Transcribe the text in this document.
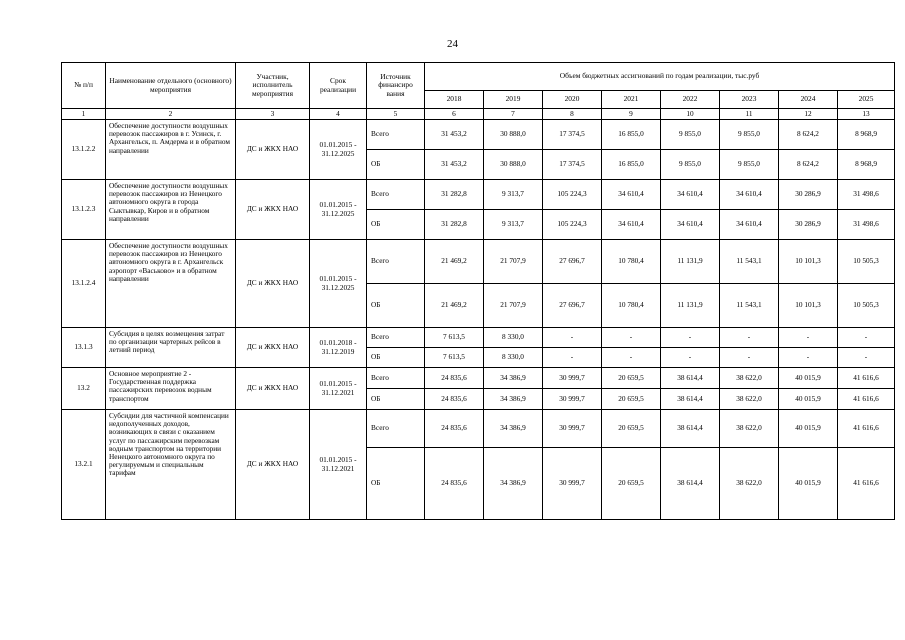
24
№ п/п	Наименование отдельного (основного) мероприятия	Участник, исполнитель мероприятия	Срок реализации	Источник финансиро вания	Объем бюджетных ассигнований по годам реализации, тыс.руб							
					2018	2019	2020	2021	2022	2023	2024	2025
1	2	3	4	5	6	7	8	9	10	11	12	13
13.1.2.2	Обеспечение доступности воздушных перевозок пассажиров в г. Усинск, г. Архангельск, п. Амдерма и в обратном направлении	ДС и ЖКХ НАО	01.01.2015 - 31.12.2025	Всего	31 453,2	30 888,0	17 374,5	16 855,0	9 855,0	9 855,0	8 624,2	8 968,9
				ОБ	31 453,2	30 888,0	17 374,5	16 855,0	9 855,0	9 855,0	8 624,2	8 968,9
13.1.2.3	Обеспечение доступности воздушных перевозок пассажиров из Ненецкого автономного округа в города Сыктывкар, Киров и в обратном направлении	ДС и ЖКХ НАО	01.01.2015 - 31.12.2025	Всего	31 282,8	9 313,7	105 224,3	34 610,4	34 610,4	34 610,4	30 286,9	31 498,6
				ОБ	31 282,8	9 313,7	105 224,3	34 610,4	34 610,4	34 610,4	30 286,9	31 498,6
13.1.2.4	Обеспечение доступности воздушных перевозок пассажиров из Ненецкого автономного округа в г. Архангельск аэропорт «Васьково» и в обратном направлении	ДС и ЖКХ НАО	01.01.2015 - 31.12.2025	Всего	21 469,2	21 707,9	27 696,7	10 780,4	11 131,9	11 543,1	10 101,3	10 505,3
				ОБ	21 469,2	21 707,9	27 696,7	10 780,4	11 131,9	11 543,1	10 101,3	10 505,3
13.1.3	Субсидия в целях возмещения затрат по организации чартерных рейсов в летний период	ДС и ЖКХ НАО	01.01.2018 - 31.12.2019	Всего	7 613,5	8 330,0	-	-	-	-	-	-
				ОБ	7 613,5	8 330,0	-	-	-	-	-	-
13.2	Основное мероприятие 2 - Государственная поддержка пассажирских перевозок водным транспортом	ДС и ЖКХ НАО	01.01.2015 - 31.12.2021	Всего	24 835,6	34 386,9	30 999,7	20 659,5	38 614,4	38 622,0	40 015,9	41 616,6
				ОБ	24 835,6	34 386,9	30 999,7	20 659,5	38 614,4	38 622,0	40 015,9	41 616,6
13.2.1	Субсидии для частичной компенсации недополученных доходов, возникающих в связи с оказанием услуг по пассажирским перевозкам водным транспортом на территории Ненецкого автономного округа по регулируемым и специальным тарифам	ДС и ЖКХ НАО	01.01.2015 - 31.12.2021	Всего	24 835,6	34 386,9	30 999,7	20 659,5	38 614,4	38 622,0	40 015,9	41 616,6
				ОБ	24 835,6	34 386,9	30 999,7	20 659,5	38 614,4	38 622,0	40 015,9	41 616,6
